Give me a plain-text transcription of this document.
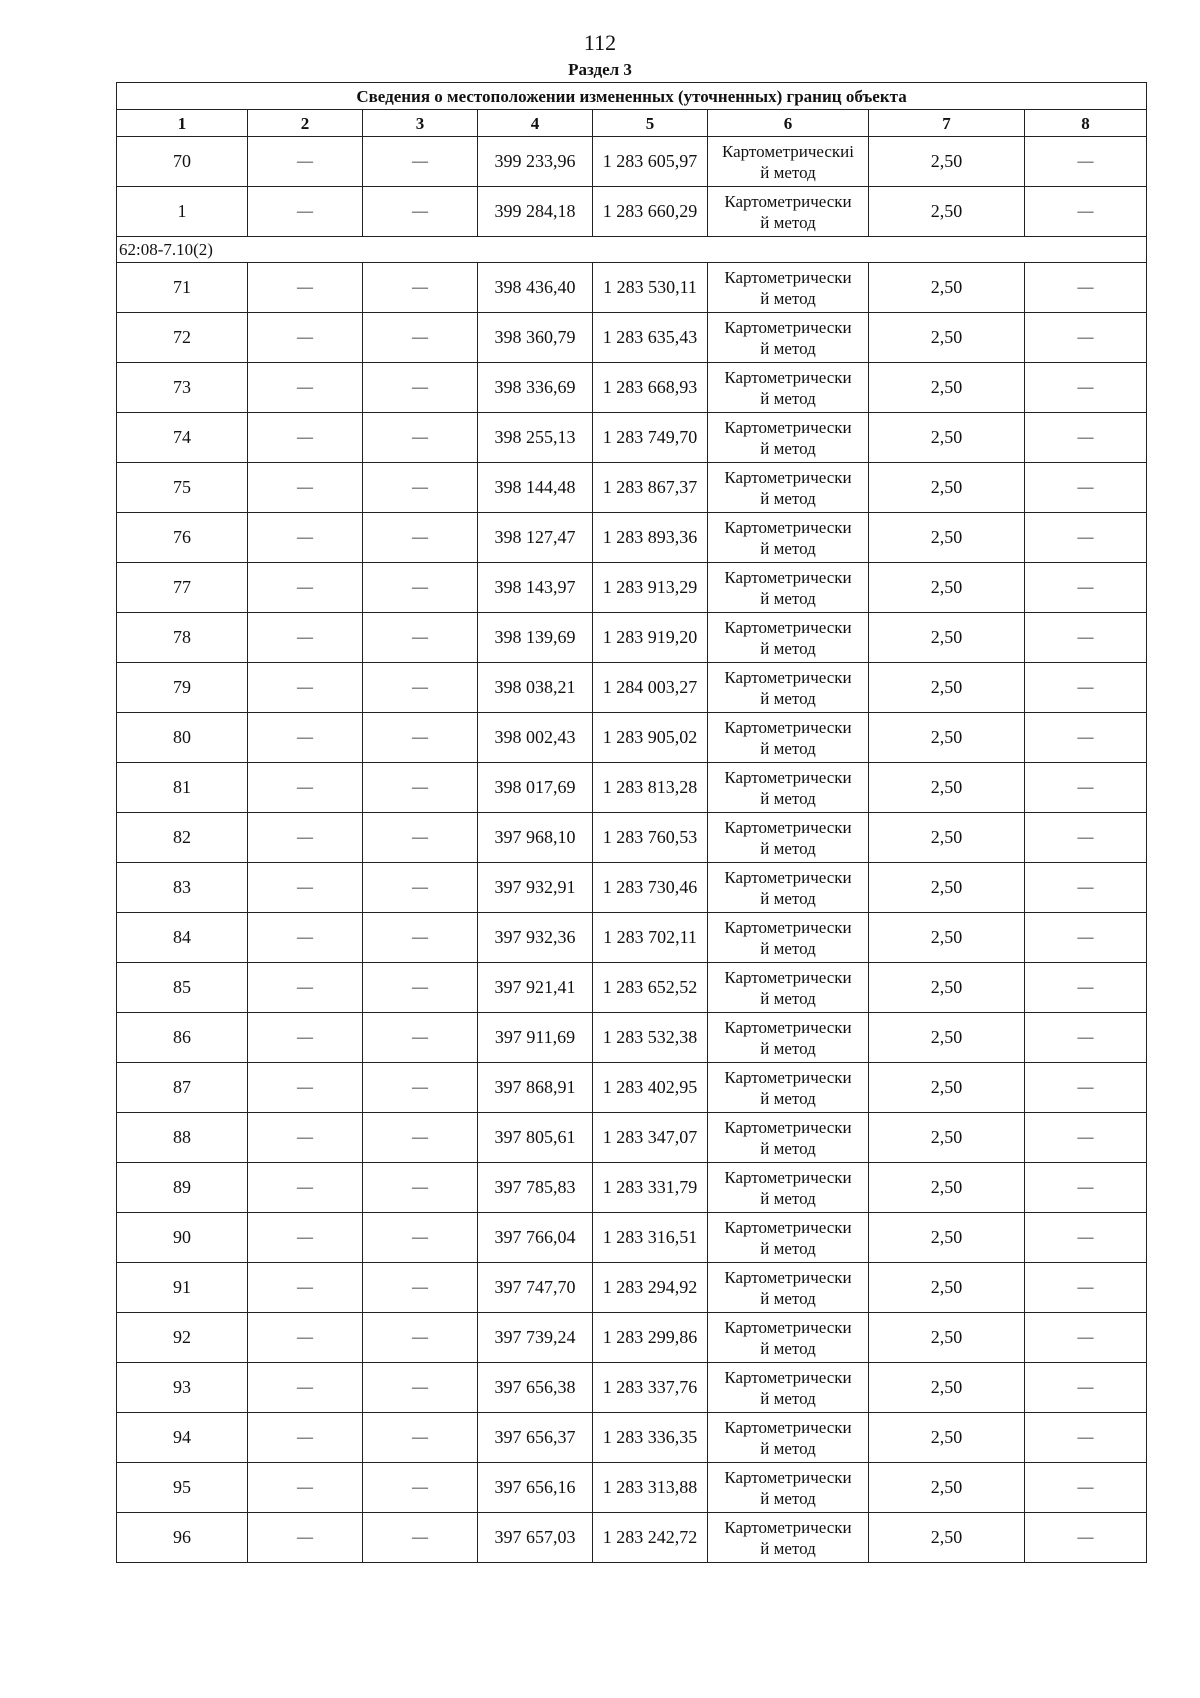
112
Раздел 3
Сведения о местоположении измененных (уточненных) границ объекта							
1	2	3	4	5	6	7	8
70	—	—	399 233,96	1 283 605,97	Картометрическиi
й метод	2,50	—
1	—	—	399 284,18	1 283 660,29	Картометрически
й метод	2,50	—
62:08-7.10(2)							
71	—	—	398 436,40	1 283 530,11	Картометрически
й метод	2,50	—
72	—	—	398 360,79	1 283 635,43	Картометрически
й метод	2,50	—
73	—	—	398 336,69	1 283 668,93	Картометрически
й метод	2,50	—
74	—	—	398 255,13	1 283 749,70	Картометрически
й метод	2,50	—
75	—	—	398 144,48	1 283 867,37	Картометрически
й метод	2,50	—
76	—	—	398 127,47	1 283 893,36	Картометрически
й метод	2,50	—
77	—	—	398 143,97	1 283 913,29	Картометрически
й метод	2,50	—
78	—	—	398 139,69	1 283 919,20	Картометрически
й метод	2,50	—
79	—	—	398 038,21	1 284 003,27	Картометрически
й метод	2,50	—
80	—	—	398 002,43	1 283 905,02	Картометрически
й метод	2,50	—
81	—	—	398 017,69	1 283 813,28	Картометрически
й метод	2,50	—
82	—	—	397 968,10	1 283 760,53	Картометрически
й метод	2,50	—
83	—	—	397 932,91	1 283 730,46	Картометрически
й метод	2,50	—
84	—	—	397 932,36	1 283 702,11	Картометрически
й метод	2,50	—
85	—	—	397 921,41	1 283 652,52	Картометрически
й метод	2,50	—
86	—	—	397 911,69	1 283 532,38	Картометрически
й метод	2,50	—
87	—	—	397 868,91	1 283 402,95	Картометрически
й метод	2,50	—
88	—	—	397 805,61	1 283 347,07	Картометрически
й метод	2,50	—
89	—	—	397 785,83	1 283 331,79	Картометрически
й метод	2,50	—
90	—	—	397 766,04	1 283 316,51	Картометрически
й метод	2,50	—
91	—	—	397 747,70	1 283 294,92	Картометрически
й метод	2,50	—
92	—	—	397 739,24	1 283 299,86	Картометрически
й метод	2,50	—
93	—	—	397 656,38	1 283 337,76	Картометрически
й метод	2,50	—
94	—	—	397 656,37	1 283 336,35	Картометрически
й метод	2,50	—
95	—	—	397 656,16	1 283 313,88	Картометрически
й метод	2,50	—
96	—	—	397 657,03	1 283 242,72	Картометрически
й метод	2,50	—
